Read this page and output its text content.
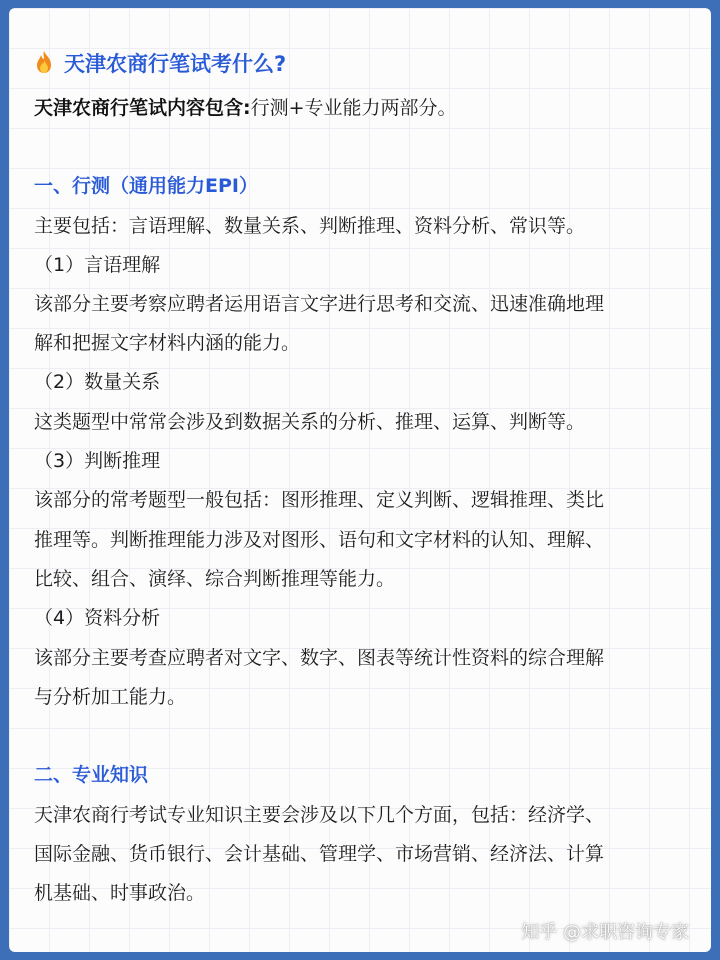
天津农商行笔试考什么?
天津农商行笔试内容包含:行测+专业能力两部分。
一、行测（通用能力EPI）
主要包括：言语理解、数量关系、判断推理、资料分析、常识等。
（1）言语理解
该部分主要考察应聘者运用语言文字进行思考和交流、迅速准确地理
解和把握文字材料内涵的能力。
（2）数量关系
这类题型中常常会涉及到数据关系的分析、推理、运算、判断等。
（3）判断推理
该部分的常考题型一般包括：图形推理、定义判断、逻辑推理、类比
推理等。判断推理能力涉及对图形、语句和文字材料的认知、理解、
比较、组合、演绎、综合判断推理等能力。
（4）资料分析
该部分主要考查应聘者对文字、数字、图表等统计性资料的综合理解
与分析加工能力。
二、专业知识
天津农商行考试专业知识主要会涉及以下几个方面，包括：经济学、
国际金融、货币银行、会计基础、管理学、市场营销、经济法、计算
机基础、时事政治。
知乎 @求职咨询专家
